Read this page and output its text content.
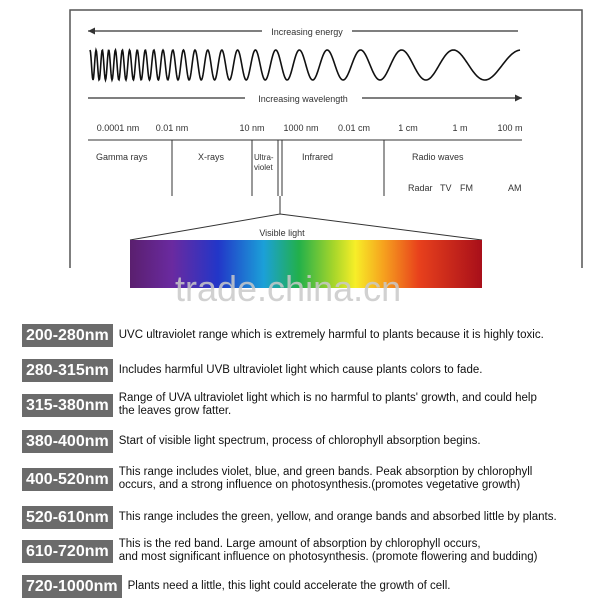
Increasing energy
Increasing wavelength
0.0001 nm 0.01 nm	10 nm 1000 nm 0.01 cm	1 cm	1 m	100 m
Gamma rays	X-rays	Ultra-
violet
Infrared	Radio waves
Radar TV FM	AM
Visible light
trade.china.cn
200-280nm UVC ultraviolet range which is extremely harmful to plants because it is highly toxic.
280-315nm Includes harmful UVB ultraviolet light which cause plants colors to fade.
315-380nm Range of UVA ultraviolet light which is no harmful to plants' growth, and could help
the leaves grow fatter.
380-400nm Start of visible light spectrum, process of chlorophyll absorption begins.
400-520nm This range includes violet, blue, and green bands. Peak absorption by chlorophyll
occurs, and a strong influence on photosynthesis.(promotes vegetative growth)
520-610nm This range includes the green, yellow, and orange bands and absorbed little by plants.
610-720nm This is the red band. Large amount of absorption by chlorophyll occurs,
and most significant influence on photosynthesis. (promote flowering and budding)
720-1000nm Plants need a little, this light could accelerate the growth of cell.
